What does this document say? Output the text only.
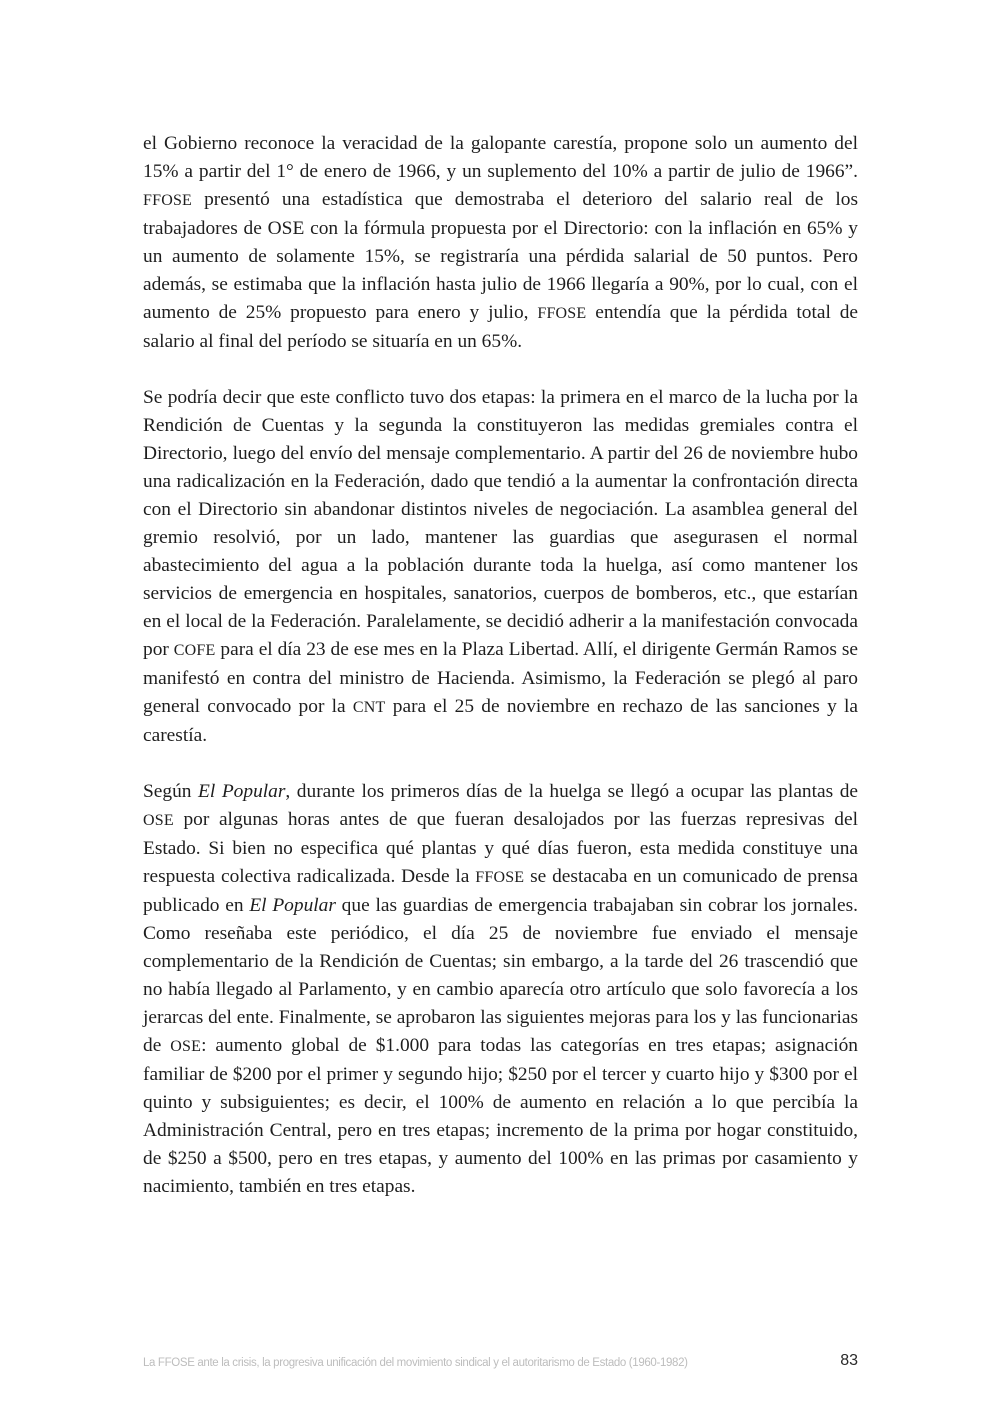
el Gobierno reconoce la veracidad de la galopante carestía, propone solo un aumento del 15% a partir del 1° de enero de 1966, y un suplemento del 10% a partir de julio de 1966”. FFOSE presentó una estadística que demostraba el deterioro del salario real de los trabajadores de OSE con la fórmula propuesta por el Directorio: con la inflación en 65% y un aumento de solamente 15%, se registraría una pérdida salarial de 50 puntos. Pero además, se estimaba que la inflación hasta julio de 1966 llegaría a 90%, por lo cual, con el aumento de 25% propuesto para enero y julio, FFOSE entendía que la pérdida total de salario al final del período se situaría en un 65%.

Se podría decir que este conflicto tuvo dos etapas: la primera en el marco de la lucha por la Rendición de Cuentas y la segunda la constituyeron las medidas gremiales contra el Directorio, luego del envío del mensaje complementario. A partir del 26 de noviembre hubo una radicalización en la Federación, dado que tendió a la aumentar la confrontación directa con el Directorio sin abandonar distintos niveles de negociación. La asamblea general del gremio resolvió, por un lado, mantener las guardias que asegurasen el normal abastecimiento del agua a la población durante toda la huelga, así como mantener los servicios de emergencia en hospitales, sanatorios, cuerpos de bomberos, etc., que estarían en el local de la Federación. Paralelamente, se decidió adherir a la manifestación convocada por COFE para el día 23 de ese mes en la Plaza Libertad. Allí, el dirigente Germán Ramos se manifestó en contra del ministro de Hacienda. Asimismo, la Federación se plegó al paro general convocado por la CNT para el 25 de noviembre en rechazo de las sanciones y la carestía.

Según El Popular, durante los primeros días de la huelga se llegó a ocupar las plantas de OSE por algunas horas antes de que fueran desalojados por las fuerzas represivas del Estado. Si bien no especifica qué plantas y qué días fueron, esta medida constituye una respuesta colectiva radicalizada. Desde la FFOSE se destacaba en un comunicado de prensa publicado en El Popular que las guardias de emergencia trabajaban sin cobrar los jornales. Como reseñaba este periódico, el día 25 de noviembre fue enviado el mensaje complementario de la Rendición de Cuentas; sin embargo, a la tarde del 26 trascendió que no había llegado al Parlamento, y en cambio aparecía otro artículo que solo favorecía a los jerarcas del ente. Finalmente, se aprobaron las siguientes mejoras para los y las funcionarias de OSE: aumento global de $1.000 para todas las categorías en tres etapas; asignación familiar de $200 por el primer y segundo hijo; $250 por el tercer y cuarto hijo y $300 por el quinto y subsiguientes; es decir, el 100% de aumento en relación a lo que percibía la Administración Central, pero en tres etapas; incremento de la prima por hogar constituido, de $250 a $500, pero en tres etapas, y aumento del 100% en las primas por casamiento y nacimiento, también en tres etapas.

La FFOSE ante la crisis, la progresiva unificación del movimiento sindical y el autoritarismo de Estado (1960-1982)	83
